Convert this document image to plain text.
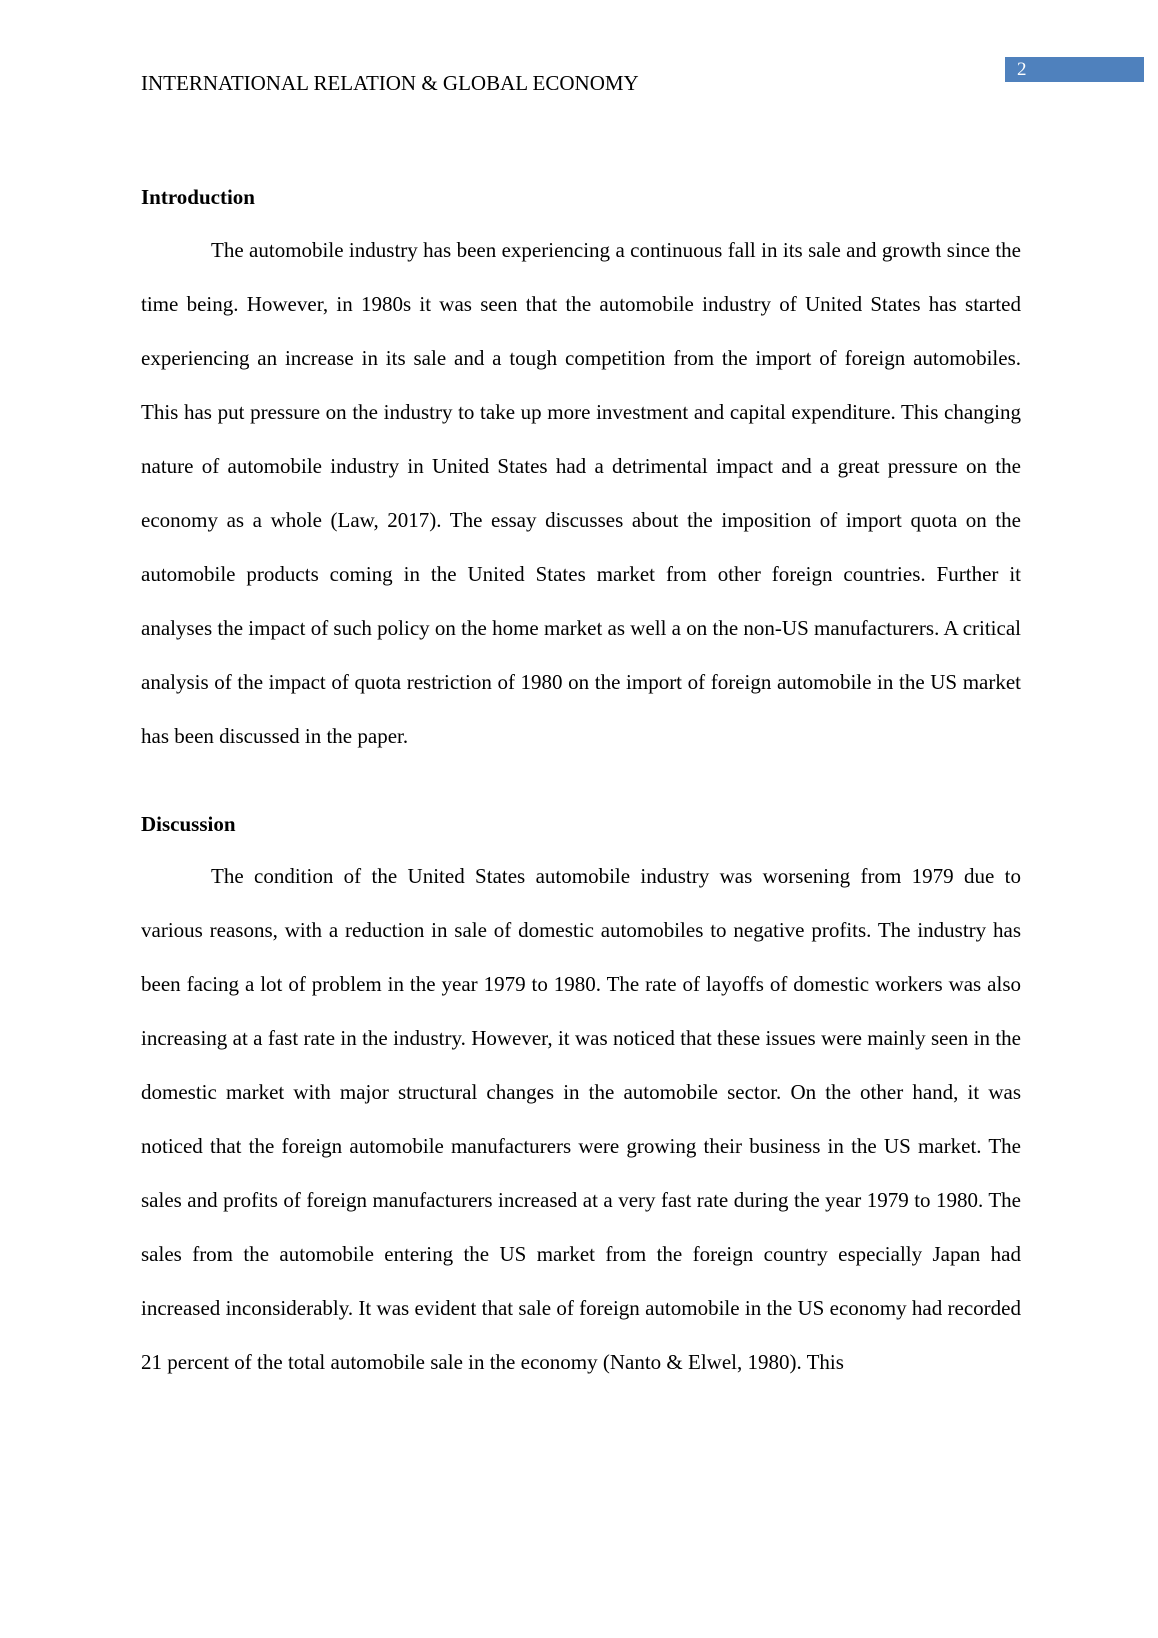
2
INTERNATIONAL RELATION & GLOBAL ECONOMY
Introduction

The automobile industry has been experiencing a continuous fall in its sale and growth since the time being. However, in 1980s it was seen that the automobile industry of United States has started experiencing an increase in its sale and a tough competition from the import of foreign automobiles. This has put pressure on the industry to take up more investment and capital expenditure. This changing nature of automobile industry in United States had a detrimental impact and a great pressure on the economy as a whole (Law, 2017). The essay discusses about the imposition of import quota on the automobile products coming in the United States market from other foreign countries. Further it analyses the impact of such policy on the home market as well a on the non-US manufacturers. A critical analysis of the impact of quota restriction of 1980 on the import of foreign automobile in the US market has been discussed in the paper.

Discussion

The condition of the United States automobile industry was worsening from 1979 due to various reasons, with a reduction in sale of domestic automobiles to negative profits. The industry has been facing a lot of problem in the year 1979 to 1980. The rate of layoffs of domestic workers was also increasing at a fast rate in the industry. However, it was noticed that these issues were mainly seen in the domestic market with major structural changes in the automobile sector. On the other hand, it was noticed that the foreign automobile manufacturers were growing their business in the US market. The sales and profits of foreign manufacturers increased at a very fast rate during the year 1979 to 1980. The sales from the automobile entering the US market from the foreign country especially Japan had increased inconsiderably. It was evident that sale of foreign automobile in the US economy had recorded 21 percent of the total automobile sale in the economy (Nanto & Elwel, 1980). This
